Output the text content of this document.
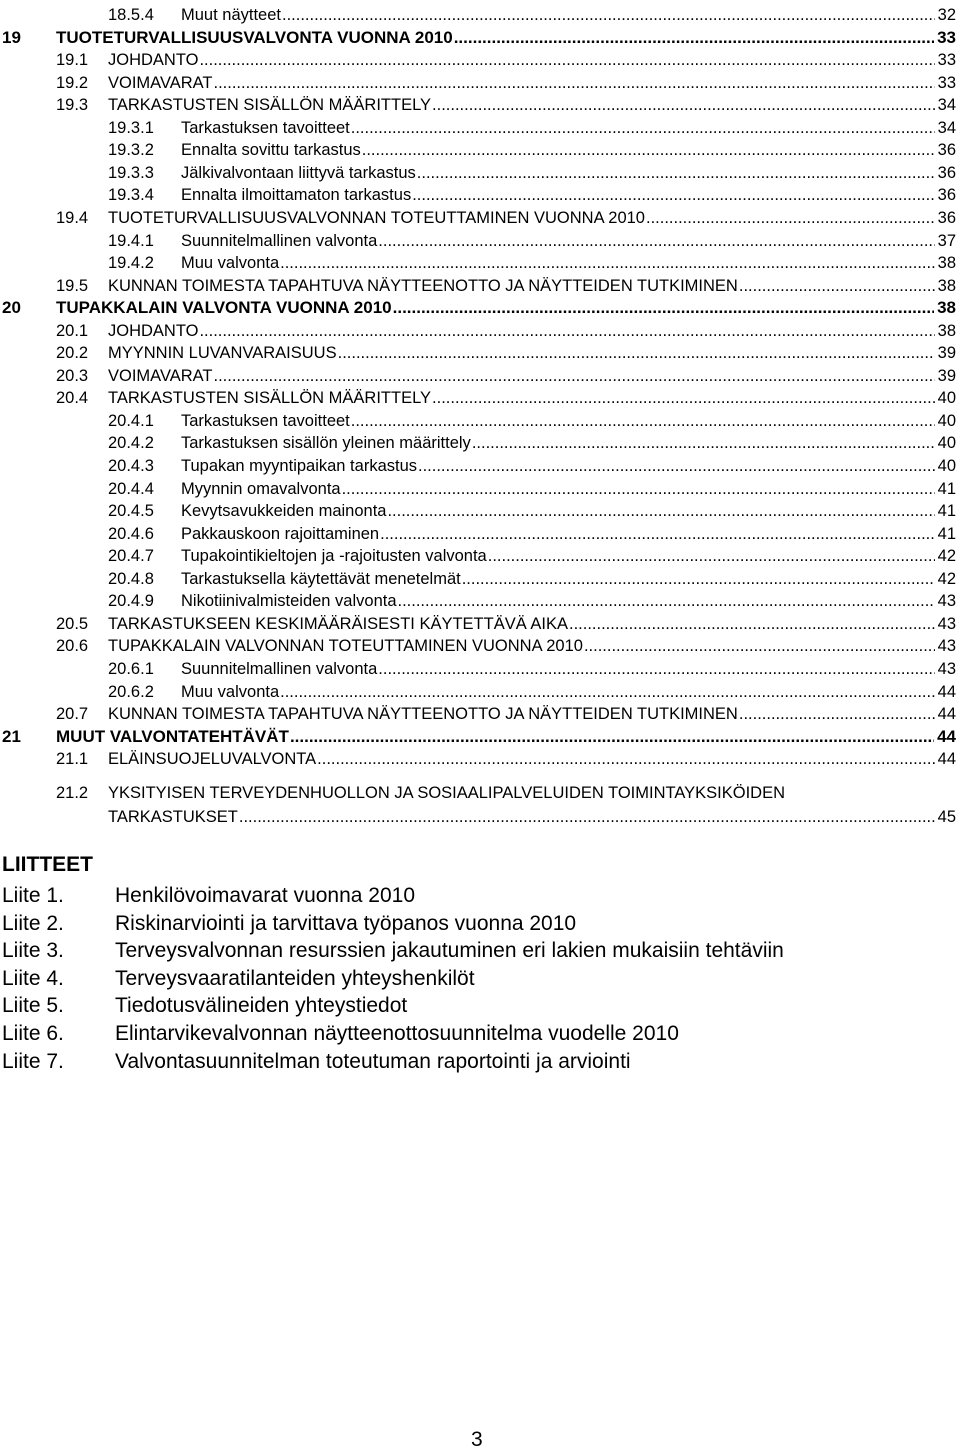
18.5.4	Muut näytteet .....	32
19	TUOTETURVALLISUUSVALVONTA VUONNA 2010 .....	33
19.1	JOHDANTO .....	33
19.2	VOIMAVARAT .....	33
19.3	TARKASTUSTEN SISÄLLÖN MÄÄRITTELY .....	34
19.3.1	Tarkastuksen tavoitteet .....	34
19.3.2	Ennalta sovittu tarkastus .....	36
19.3.3	Jälkivalvontaan liittyvä tarkastus .....	36
19.3.4	Ennalta ilmoittamaton tarkastus .....	36
19.4	TUOTETURVALLISUUSVALVONNAN TOTEUTTAMINEN VUONNA 2010 .....	36
19.4.1	Suunnitelmallinen valvonta .....	37
19.4.2	Muu valvonta .....	38
19.5	KUNNAN TOIMESTA TAPAHTUVA NÄYTTEENOTTO JA NÄYTTEIDEN TUTKIMINEN .....	38
20	TUPAKKALAIN VALVONTA VUONNA 2010 .....	38
20.1	JOHDANTO .....	38
20.2	MYYNNIN LUVANVARAISUUS .....	39
20.3	VOIMAVARAT .....	39
20.4	TARKASTUSTEN SISÄLLÖN MÄÄRITTELY .....	40
20.4.1	Tarkastuksen tavoitteet .....	40
20.4.2	Tarkastuksen sisällön yleinen määrittely .....	40
20.4.3	Tupakan myyntipaikan tarkastus .....	40
20.4.4	Myynnin omavalvonta .....	41
20.4.5	Kevytsavukkeiden mainonta .....	41
20.4.6	Pakkauskoon rajoittaminen .....	41
20.4.7	Tupakointikieltojen ja -rajoitusten valvonta .....	42
20.4.8	Tarkastuksella käytettävät menetelmät .....	42
20.4.9	Nikotiinivalmisteiden valvonta .....	43
20.5	TARKASTUKSEEN KESKIMÄÄRÄISESTI KÄYTETTÄVÄ AIKA .....	43
20.6	TUPAKKALAIN VALVONNAN TOTEUTTAMINEN VUONNA 2010 .....	43
20.6.1	Suunnitelmallinen valvonta .....	43
20.6.2	Muu valvonta .....	44
20.7	KUNNAN TOIMESTA TAPAHTUVA NÄYTTEENOTTO JA NÄYTTEIDEN TUTKIMINEN .....	44
21	MUUT VALVONTATEHTÄVÄT .....	44
21.1	ELÄINSUOJELUVALVONTA .....	44
21.2 YKSITYISEN TERVEYDENHUOLLON JA SOSIAALIPALVELUIDEN TOIMINTAYKSIKÖIDEN
TARKASTUKSET .....	45
LIITTEET
Liite 1. Henkilövoimavarat vuonna 2010
Liite 2. Riskinarviointi ja tarvittava työpanos vuonna 2010
Liite 3. Terveysvalvonnan resurssien jakautuminen eri lakien mukaisiin tehtäviin
Liite 4. Terveysvaaratilanteiden yhteyshenkilöt
Liite 5. Tiedotusvälineiden yhteystiedot
Liite 6. Elintarvikevalvonnan näytteenottosuunnitelma vuodelle 2010
Liite 7. Valvontasuunnitelman toteutuman raportointi ja arviointi
3
